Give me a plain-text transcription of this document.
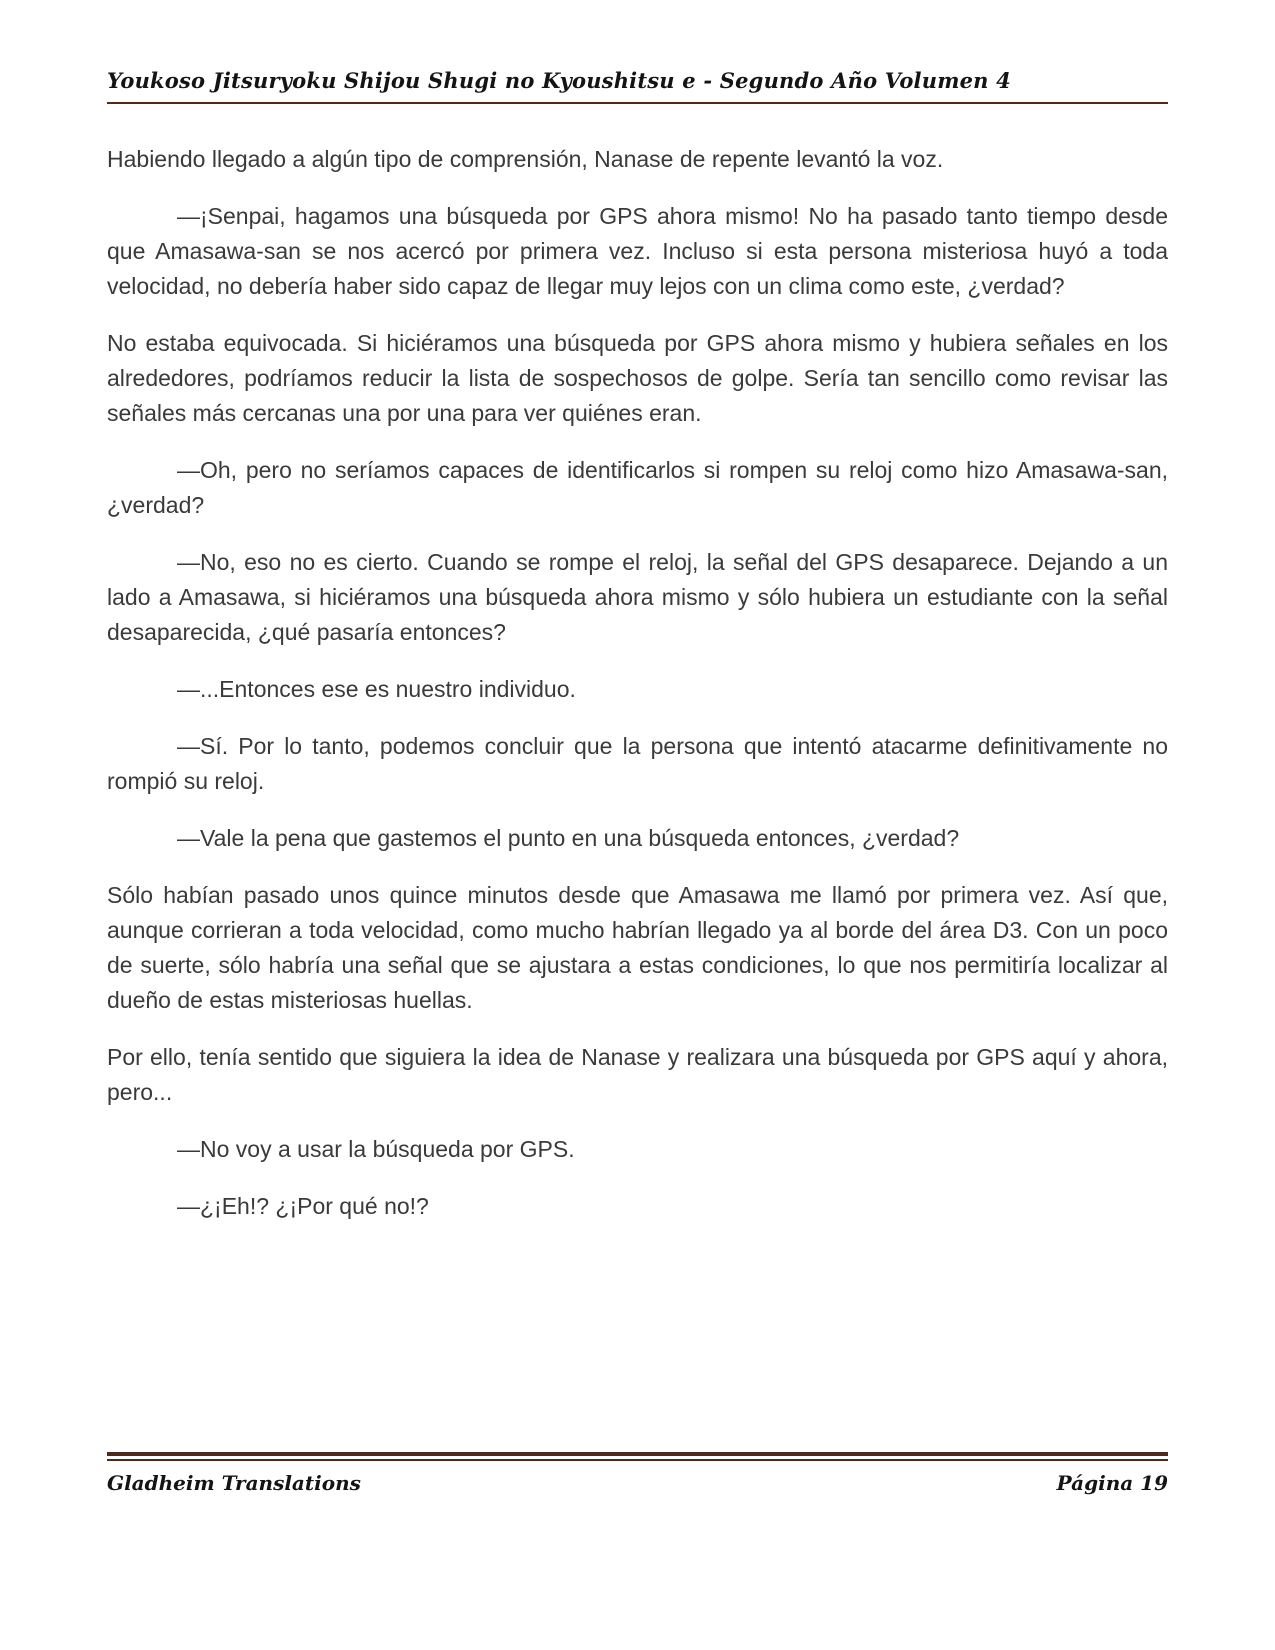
Youkoso Jitsuryoku Shijou Shugi no Kyoushitsu e - Segundo Año Volumen 4

Habiendo llegado a algún tipo de comprensión, Nanase de repente levantó la voz.

—¡Senpai, hagamos una búsqueda por GPS ahora mismo! No ha pasado tanto tiempo desde que Amasawa-san se nos acercó por primera vez. Incluso si esta persona misteriosa huyó a toda velocidad, no debería haber sido capaz de llegar muy lejos con un clima como este, ¿verdad?

No estaba equivocada. Si hiciéramos una búsqueda por GPS ahora mismo y hubiera señales en los alrededores, podríamos reducir la lista de sospechosos de golpe. Sería tan sencillo como revisar las señales más cercanas una por una para ver quiénes eran.

—Oh, pero no seríamos capaces de identificarlos si rompen su reloj como hizo Amasawa-san, ¿verdad?

—No, eso no es cierto. Cuando se rompe el reloj, la señal del GPS desaparece. Dejando a un lado a Amasawa, si hiciéramos una búsqueda ahora mismo y sólo hubiera un estudiante con la señal desaparecida, ¿qué pasaría entonces?

—...Entonces ese es nuestro individuo.

—Sí. Por lo tanto, podemos concluir que la persona que intentó atacarme definitivamente no rompió su reloj.

—Vale la pena que gastemos el punto en una búsqueda entonces, ¿verdad?

Sólo habían pasado unos quince minutos desde que Amasawa me llamó por primera vez. Así que, aunque corrieran a toda velocidad, como mucho habrían llegado ya al borde del área D3. Con un poco de suerte, sólo habría una señal que se ajustara a estas condiciones, lo que nos permitiría localizar al dueño de estas misteriosas huellas.

Por ello, tenía sentido que siguiera la idea de Nanase y realizara una búsqueda por GPS aquí y ahora, pero...

—No voy a usar la búsqueda por GPS.

—¿¡Eh!? ¿¡Por qué no!?

Gladheim Translations	Página 19
